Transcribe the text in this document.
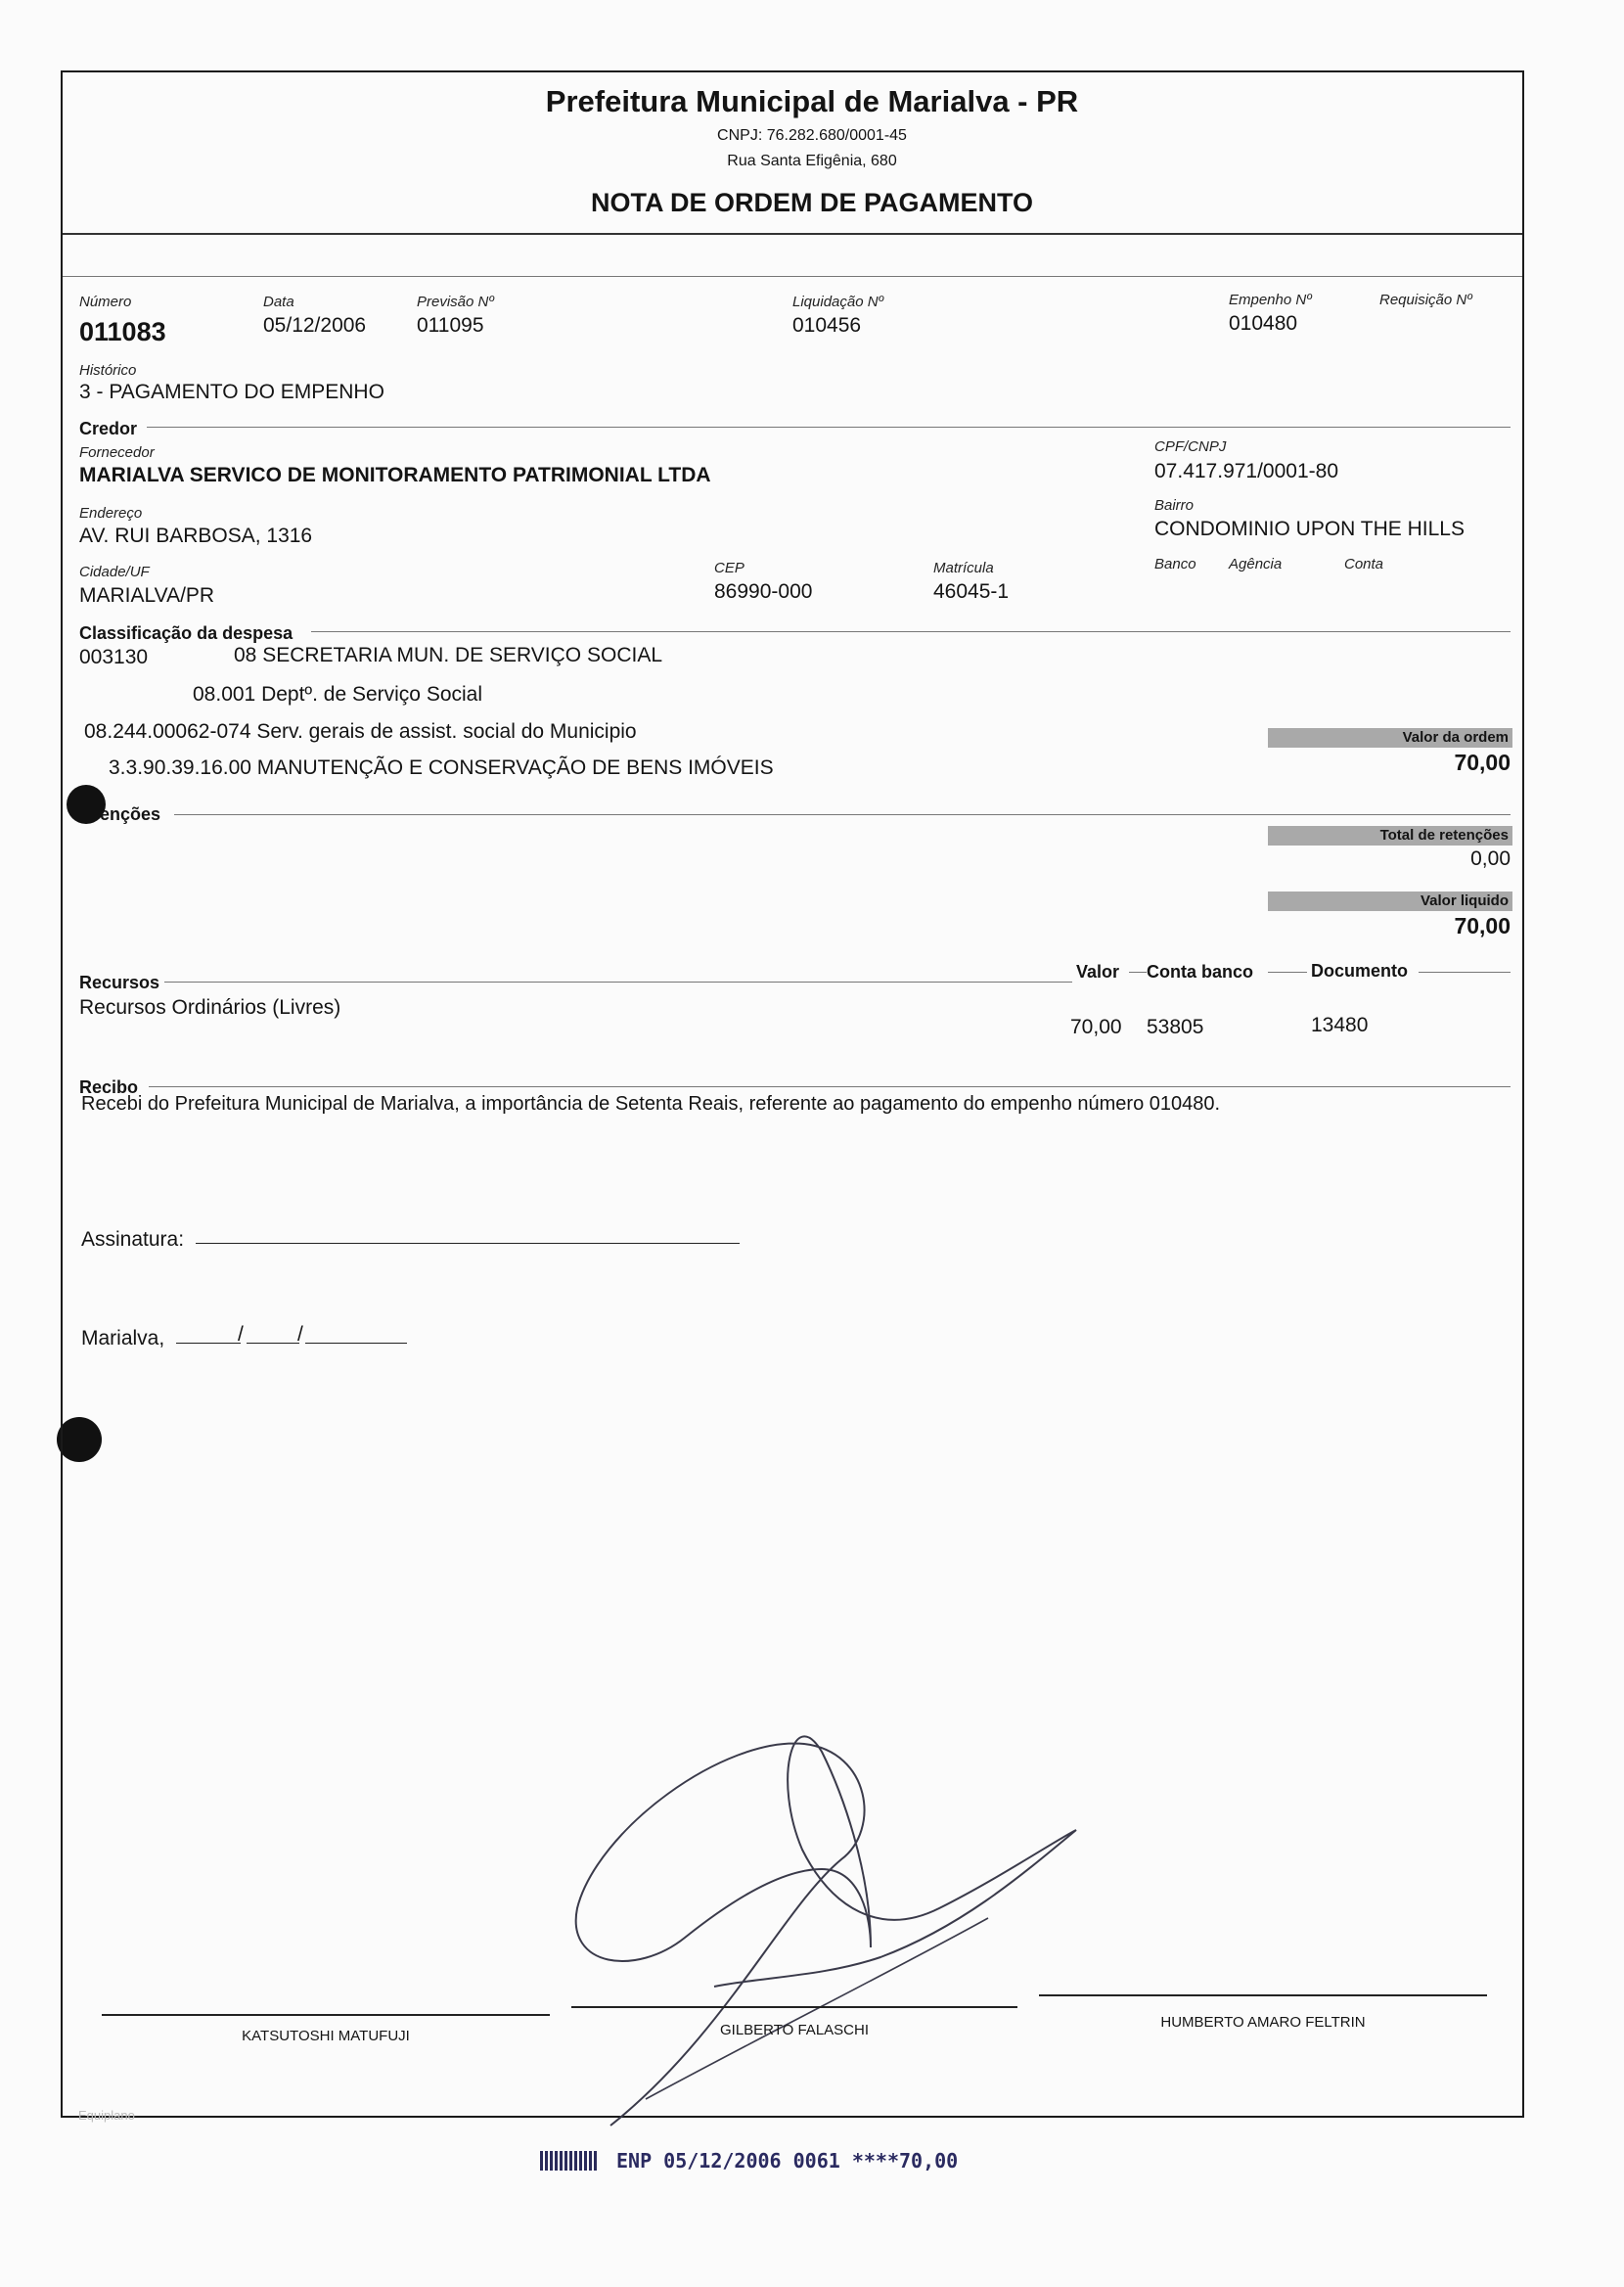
Prefeitura Municipal de Marialva - PR
CNPJ: 76.282.680/0001-45
Rua Santa Efigênia, 680
NOTA DE ORDEM DE PAGAMENTO
Número
011083
Data
05/12/2006
Previsão Nº
011095
Liquidação Nº
010456
Empenho Nº
010480
Requisição Nº
Histórico
3 - PAGAMENTO DO EMPENHO
Credor
Fornecedor
MARIALVA SERVICO DE MONITORAMENTO PATRIMONIAL LTDA
CPF/CNPJ
07.417.971/0001-80
Endereço
AV. RUI BARBOSA, 1316
Bairro
CONDOMINIO UPON THE HILLS
Cidade/UF
MARIALVA/PR
CEP
86990-000
Matrícula
46045-1
Banco Agência	Conta
Classificação da despesa
003130	08 SECRETARIA MUN. DE SERVIÇO SOCIAL
08.001 Deptº. de Serviço Social
08.244.00062-074 Serv. gerais de assist. social do Municipio
3.3.90.39.16.00 MANUTENÇÃO E CONSERVAÇÃO DE BENS IMÓVEIS
Valor da ordem
70,00
enções
Total de retenções
0,00
Valor liquido
70,00
Recursos
Valor Conta banco	Documento
Recursos Ordinários (Livres)
70,00 53805	13480
Recibo
Recebi do Prefeitura Municipal de Marialva, a importância de Setenta Reais, referente ao pagamento do empenho número 010480.
Assinatura:
Marialva,	/	/
KATSUTOSHI MATUFUJI	GILBERTO FALASCHI	HUMBERTO AMARO FELTRIN
Equiplano
ENP 05/12/2006 0061 ****70,00
